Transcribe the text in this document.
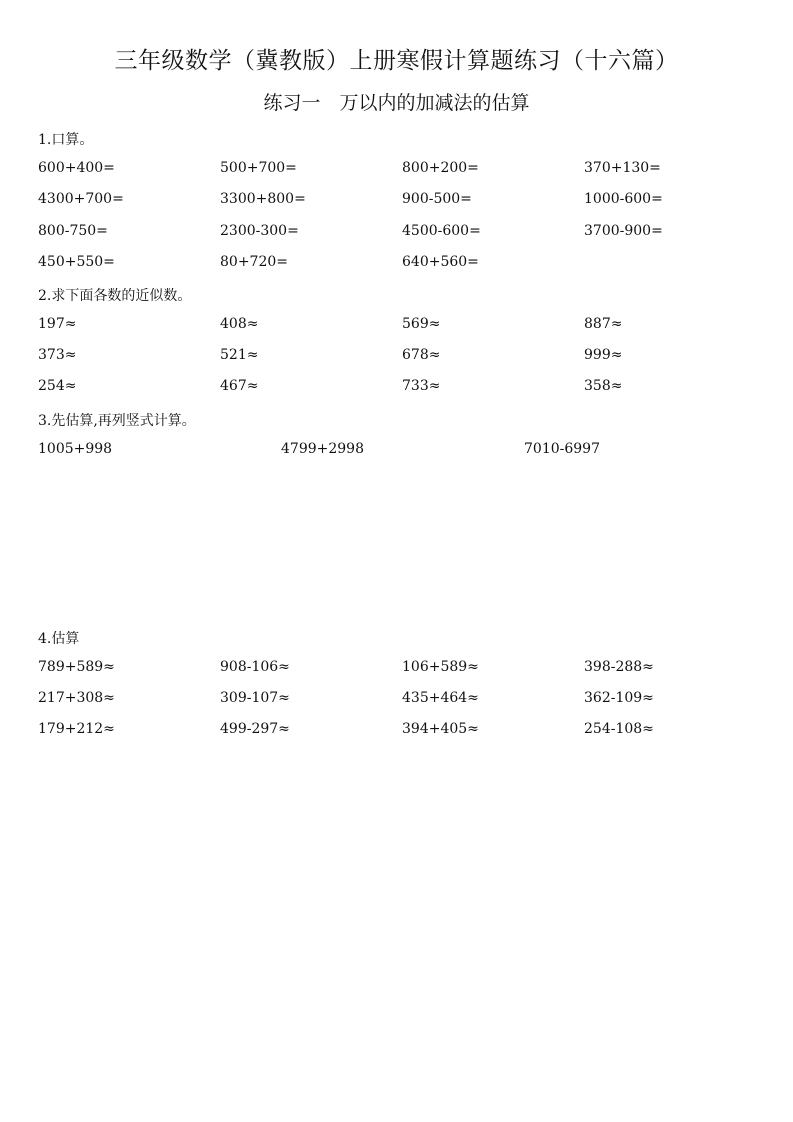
三年级数学（冀教版）上册寒假计算题练习（十六篇）
练习一　万以内的加减法的估算
1.口算。
600+400=	500+700=	800+200=	370+130=
4300+700=	3300+800=	900-500=	1000-600=
800-750=	2300-300=	4500-600=	3700-900=
450+550=	80+720=	640+560=
2.求下面各数的近似数。
197≈	408≈	569≈	887≈
373≈	521≈	678≈	999≈
254≈	467≈	733≈	358≈
3.先估算,再列竖式计算。
1005+998	4799+2998	7010-6997
4.估算
789+589≈	908-106≈	106+589≈	398-288≈
217+308≈	309-107≈	435+464≈	362-109≈
179+212≈	499-297≈	394+405≈	254-108≈
